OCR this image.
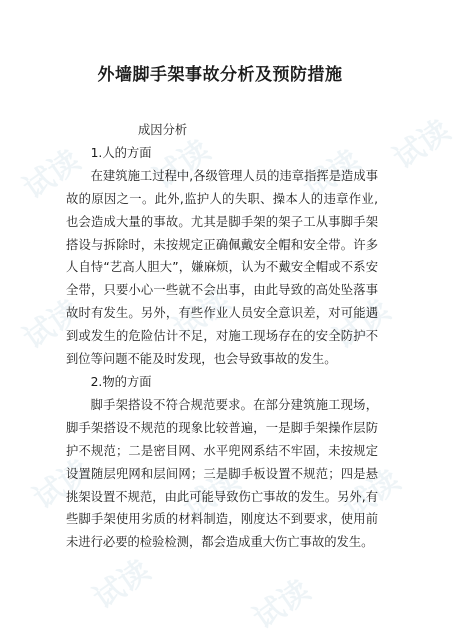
试读 试读	试读 试读
试读	试读	试读
试读	试读	试读
试读	试读
外墙脚手架事故分析及预防措施

成因分析

1.人的方面

在建筑施工过程中,各级管理人员的违章指挥是造成事故的原因之一。此外,监护人的失职、操本人的违章作业,也会造成大量的事故。尤其是脚手架的架子工从事脚手架搭设与拆除时，未按规定正确佩戴安全帽和安全带。许多人自恃“艺高人胆大”，嫌麻烦，认为不戴安全帽或不系安全带，只要小心一些就不会出事，由此导致的高处坠落事故时有发生。另外，有些作业人员安全意识差，对可能遇到或发生的危险估计不足，对施工现场存在的安全防护不到位等问题不能及时发现，也会导致事故的发生。

2.物的方面

脚手架搭设不符合规范要求。在部分建筑施工现场，脚手架搭设不规范的现象比较普遍，一是脚手架操作层防护不规范；二是密目网、水平兜网系结不牢固，未按规定设置随层兜网和层间网；三是脚手板设置不规范；四是悬挑架设置不规范，由此可能导致伤亡事故的发生。另外,有些脚手架使用劣质的材料制造，刚度达不到要求，使用前未进行必要的检验检测，都会造成重大伤亡事故的发生。
